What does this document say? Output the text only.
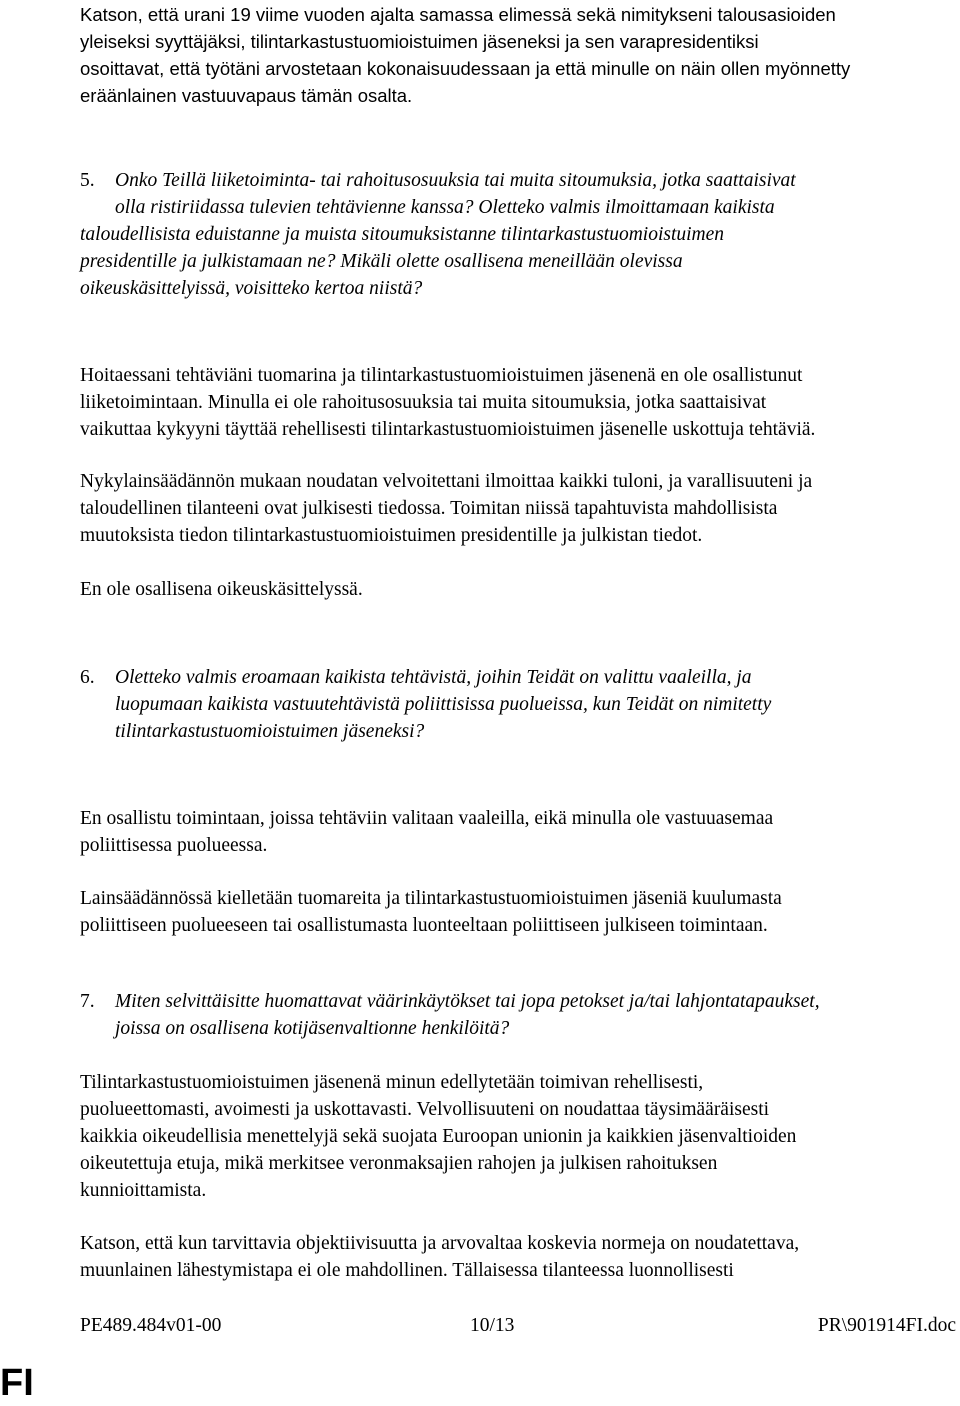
Katson, että urani 19 viime vuoden ajalta samassa elimessä sekä nimitykseni talousasioiden
yleiseksi syyttäjäksi, tilintarkastustuomioistuimen jäseneksi ja sen varapresidentiksi
osoittavat, että työtäni arvostetaan kokonaisuudessaan ja että minulle on näin ollen myönnetty
eräänlainen vastuuvapaus tämän osalta.
5. Onko Teillä liiketoiminta- tai rahoitusosuuksia tai muita sitoumuksia, jotka saattaisivat
olla ristiriidassa tulevien tehtävienne kanssa? Oletteko valmis ilmoittamaan kaikista
taloudellisista eduistanne ja muista sitoumuksistanne tilintarkastustuomioistuimen
presidentille ja julkistamaan ne? Mikäli olette osallisena meneillään olevissa
oikeuskäsittelyissä, voisitteko kertoa niistä?
Hoitaessani tehtäviäni tuomarina ja tilintarkastustuomioistuimen jäsenenä en ole osallistunut
liiketoimintaan. Minulla ei ole rahoitusosuuksia tai muita sitoumuksia, jotka saattaisivat
vaikuttaa kykyyni täyttää rehellisesti tilintarkastustuomioistuimen jäsenelle uskottuja tehtäviä.
Nykylainsäädännön mukaan noudatan velvoitettani ilmoittaa kaikki tuloni, ja varallisuuteni ja
taloudellinen tilanteeni ovat julkisesti tiedossa. Toimitan niissä tapahtuvista mahdollisista
muutoksista tiedon tilintarkastustuomioistuimen presidentille ja julkistan tiedot.
En ole osallisena oikeuskäsittelyssä.
6. Oletteko valmis eroamaan kaikista tehtävistä, joihin Teidät on valittu vaaleilla, ja
luopumaan kaikista vastuutehtävistä poliittisissa puolueissa, kun Teidät on nimitetty
tilintarkastustuomioistuimen jäseneksi?
En osallistu toimintaan, joissa tehtäviin valitaan vaaleilla, eikä minulla ole vastuuasemaa
poliittisessa puolueessa.
Lainsäädännössä kielletään tuomareita ja tilintarkastustuomioistuimen jäseniä kuulumasta
poliittiseen puolueeseen tai osallistumasta luonteeltaan poliittiseen julkiseen toimintaan.
7. Miten selvittäisitte huomattavat väärinkäytökset tai jopa petokset ja/tai lahjontatapaukset,
joissa on osallisena kotijäsenvaltionne henkilöitä?
Tilintarkastustuomioistuimen jäsenenä minun edellytetään toimivan rehellisesti,
puolueettomasti, avoimesti ja uskottavasti. Velvollisuuteni on noudattaa täysimääräisesti
kaikkia oikeudellisia menettelyjä sekä suojata Euroopan unionin ja kaikkien jäsenvaltioiden
oikeutettuja etuja, mikä merkitsee veronmaksajien rahojen ja julkisen rahoituksen
kunnioittamista.
Katson, että kun tarvittavia objektiivisuutta ja arvovaltaa koskevia normeja on noudatettava,
muunlainen lähestymistapa ei ole mahdollinen. Tällaisessa tilanteessa luonnollisesti
PE489.484v01-00	10/13	PR\901914FI.doc
FI
